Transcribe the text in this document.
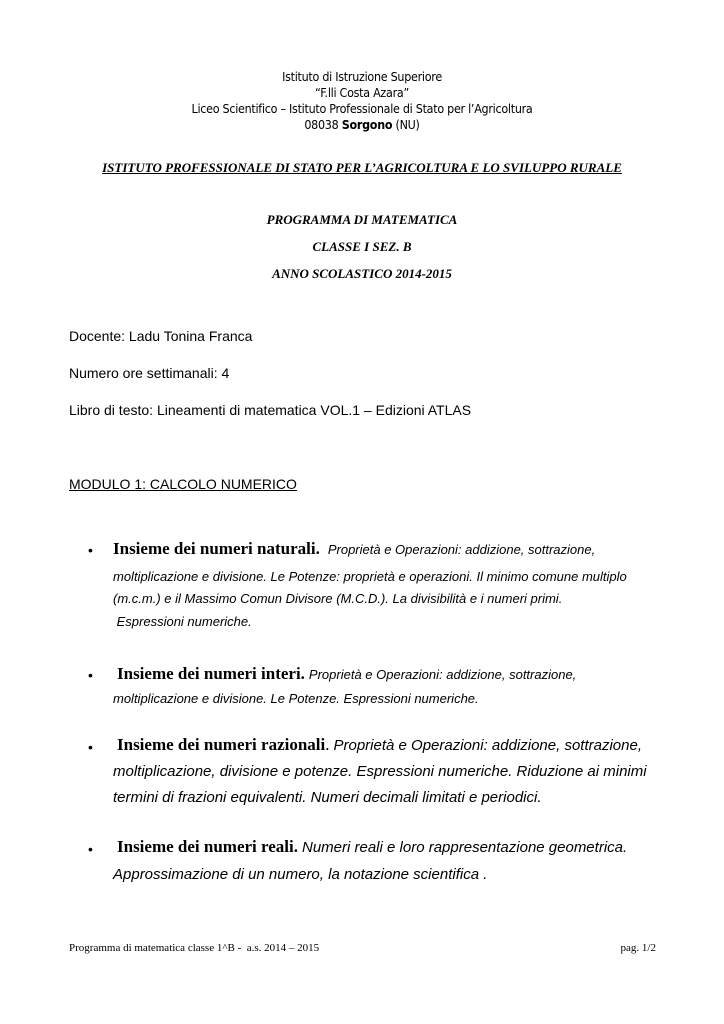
Istituto di Istruzione Superiore
“F.lli Costa Azara”
Liceo Scientifico – Istituto Professionale di Stato per l’Agricoltura
08038 Sorgono (NU)
ISTITUTO PROFESSIONALE DI STATO PER L’AGRICOLTURA E LO SVILUPPO RURALE
PROGRAMMA DI MATEMATICA
CLASSE I SEZ. B
ANNO SCOLASTICO 2014-2015
Docente: Ladu Tonina Franca
Numero ore settimanali: 4
Libro di testo: Lineamenti di matematica VOL.1 – Edizioni ATLAS
MODULO 1: CALCOLO NUMERICO
• Insieme dei numeri naturali. Proprietà e Operazioni: addizione, sottrazione,
moltiplicazione e divisione. Le Potenze: proprietà e operazioni. Il minimo comune multiplo
(m.c.m.) e il Massimo Comun Divisore (M.C.D.). La divisibilità e i numeri primi.
Espressioni numeriche.
• Insieme dei numeri interi. Proprietà e Operazioni: addizione, sottrazione,
moltiplicazione e divisione. Le Potenze. Espressioni numeriche.
• Insieme dei numeri razionali. Proprietà e Operazioni: addizione, sottrazione,
moltiplicazione, divisione e potenze. Espressioni numeriche. Riduzione ai minimi
termini di frazioni equivalenti. Numeri decimali limitati e periodici.
• Insieme dei numeri reali. Numeri reali e loro rappresentazione geometrica.
Approssimazione di un numero, la notazione scientifica .
Programma di matematica classe 1^B -  a.s. 2014 – 2015	pag. 1/2
